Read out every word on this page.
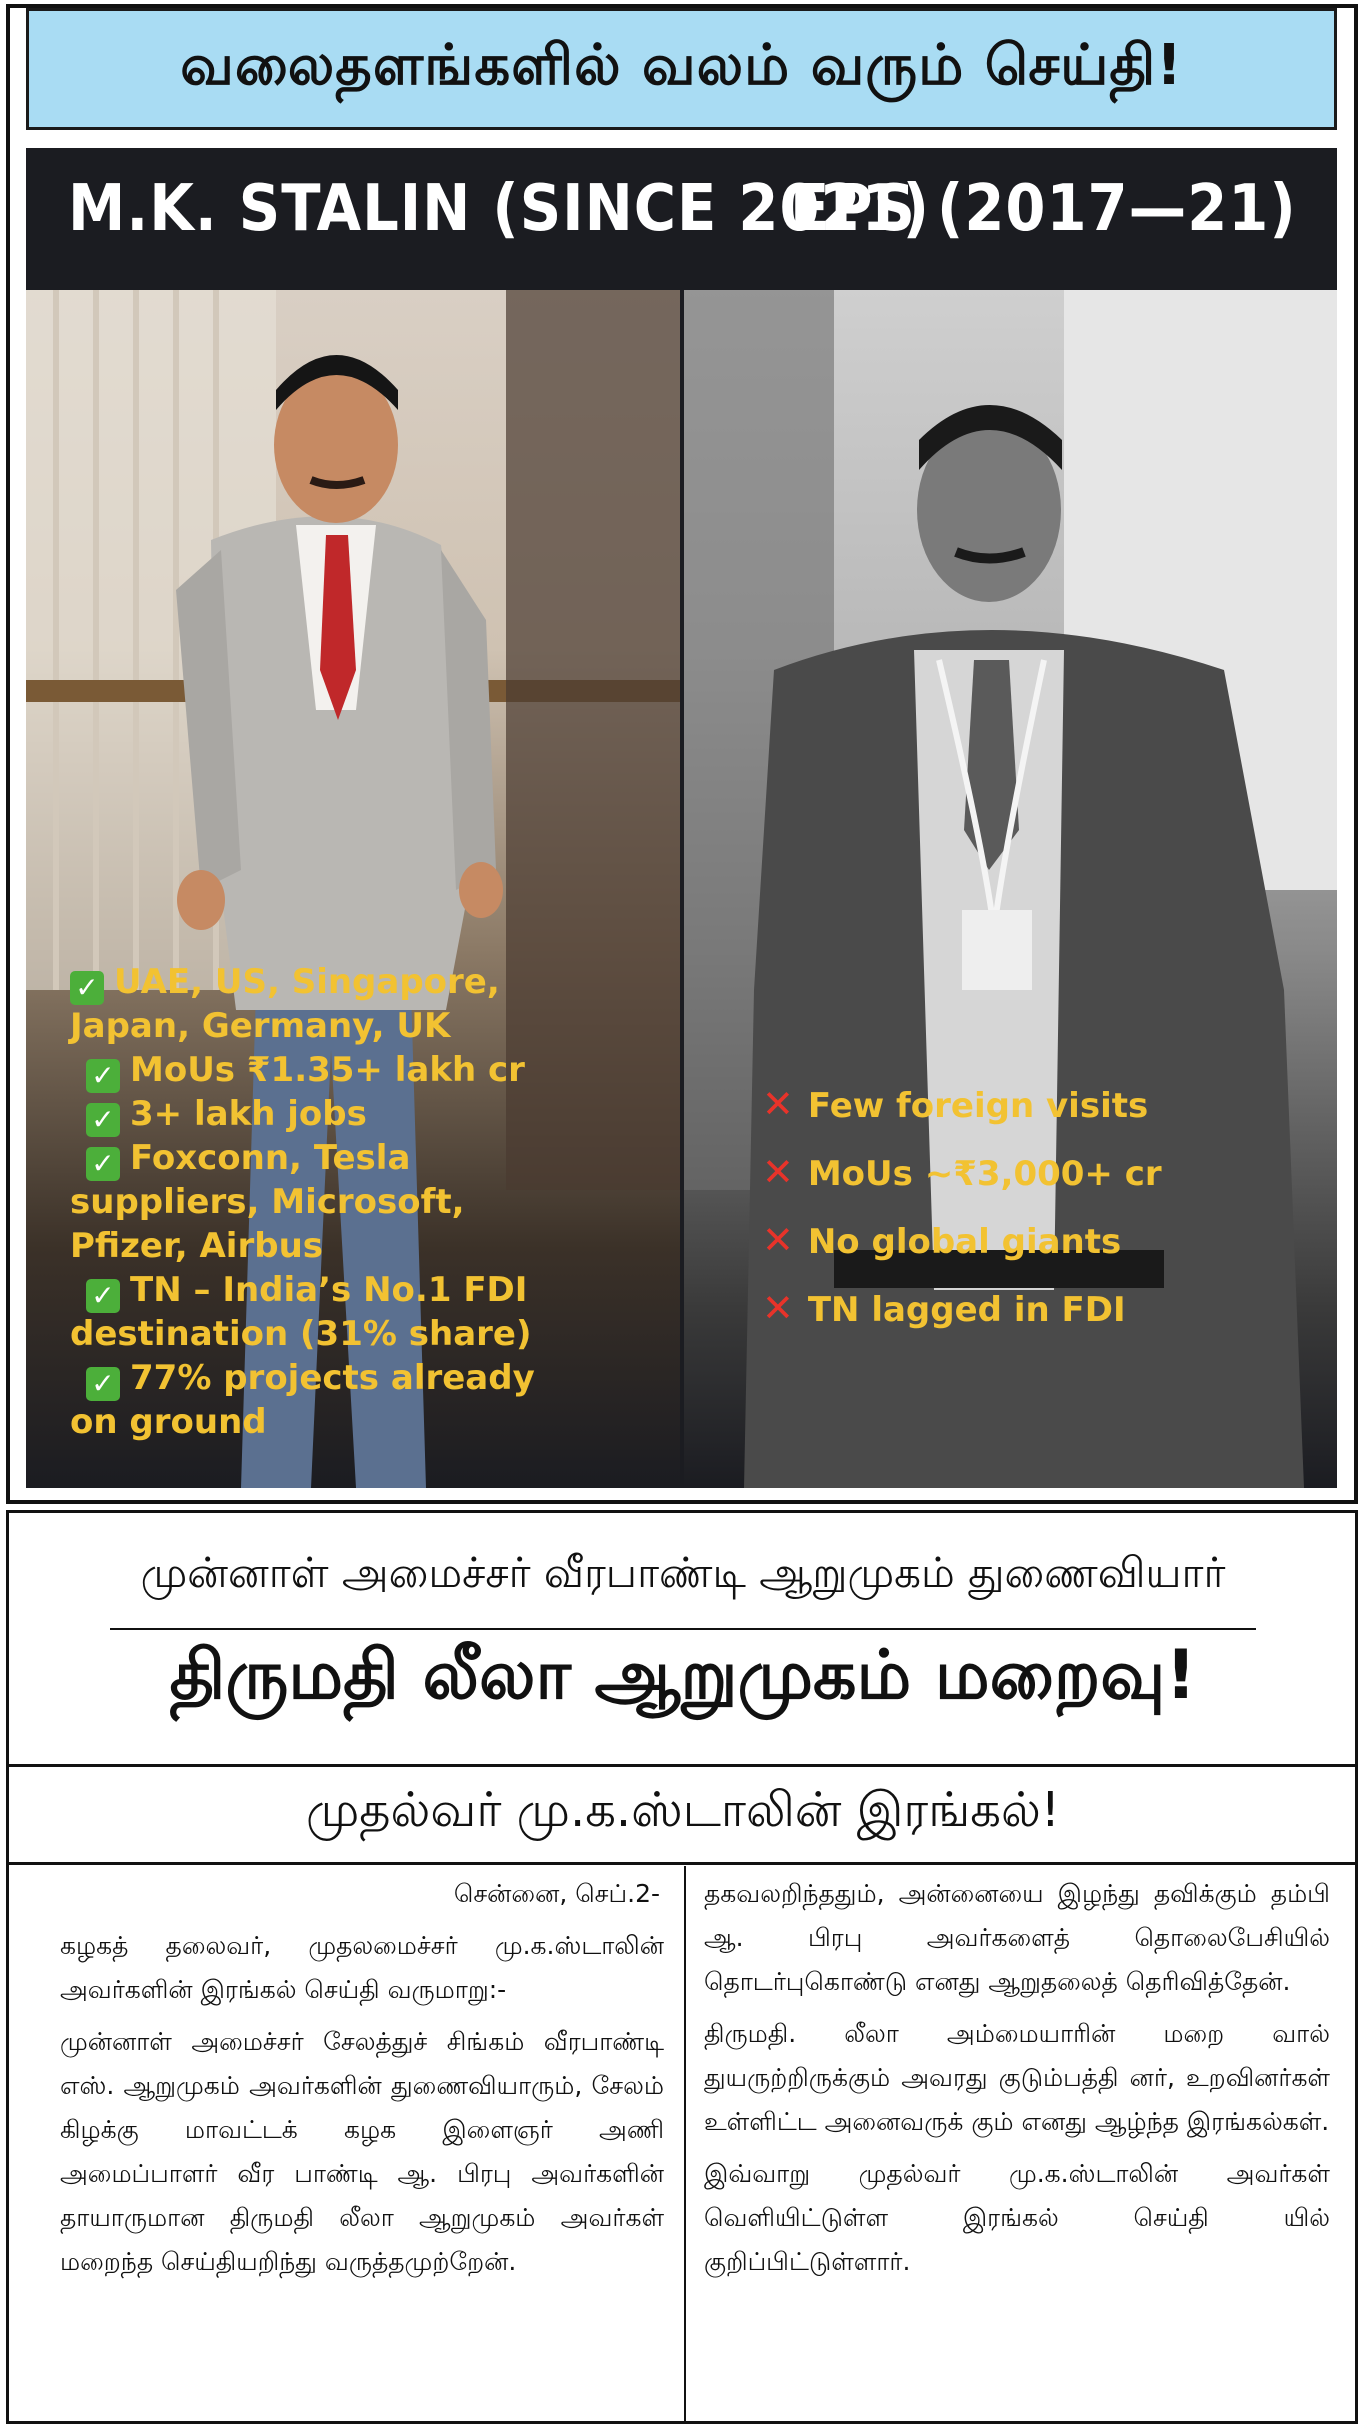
வலைதளங்களில் வலம் வரும் செய்தி!
M.K. STALIN (SINCE 2021)
EPS (2017—21)
✓ UAE, US, Singapore,
Japan, Germany, UK
✓ MoUs ₹1.35+ lakh cr
✓ 3+ lakh jobs
✓ Foxconn, Tesla
suppliers, Microsoft,
Pfizer, Airbus
✓ TN – India’s No.1 FDI
destination (31% share)
✓ 77% projects already
on ground
✕ Few foreign visits
✕ MoUs ~₹3,000+ cr
✕ No global giants
✕ TN lagged in FDI
முன்னாள் அமைச்சர் வீரபாண்டி ஆறுமுகம் துணைவியார்
திருமதி லீலா ஆறுமுகம் மறைவு!
முதல்வர் மு.க.ஸ்டாலின் இரங்கல்!

சென்னை, செப்.2-

கழகத் தலைவர், முதலமைச்சர் மு.க.ஸ்டாலின் அவர்களின் இரங்கல் செய்தி வருமாறு:-

முன்னாள் அமைச்சர் சேலத்துச் சிங்கம் வீரபாண்டி எஸ். ஆறுமுகம் அவர்களின் துணைவியாரும், சேலம் கிழக்கு மாவட்டக் கழக இளைஞர் அணி அமைப்பாளர் வீர பாண்டி ஆ. பிரபு அவர்களின் தாயாருமான திருமதி லீலா ஆறுமுகம் அவர்கள் மறைந்த செய்தியறிந்து வருத்தமுற்றேன்.

தகவலறிந்ததும், அன்னையை இழந்து தவிக்கும் தம்பி ஆ. பிரபு அவர்களைத் தொலைபேசியில் தொடர்புகொண்டு எனது ஆறுதலைத் தெரிவித்தேன்.

திருமதி. லீலா அம்மையாரின் மறை வால் துயருற்றிருக்கும் அவரது குடும்பத்தி னர், உறவினர்கள் உள்ளிட்ட அனைவருக் கும் எனது ஆழ்ந்த இரங்கல்கள்.

இவ்வாறு முதல்வர் மு.க.ஸ்டாலின் அவர்கள் வெளியிட்டுள்ள இரங்கல் செய்தி யில் குறிப்பிட்டுள்ளார்.
